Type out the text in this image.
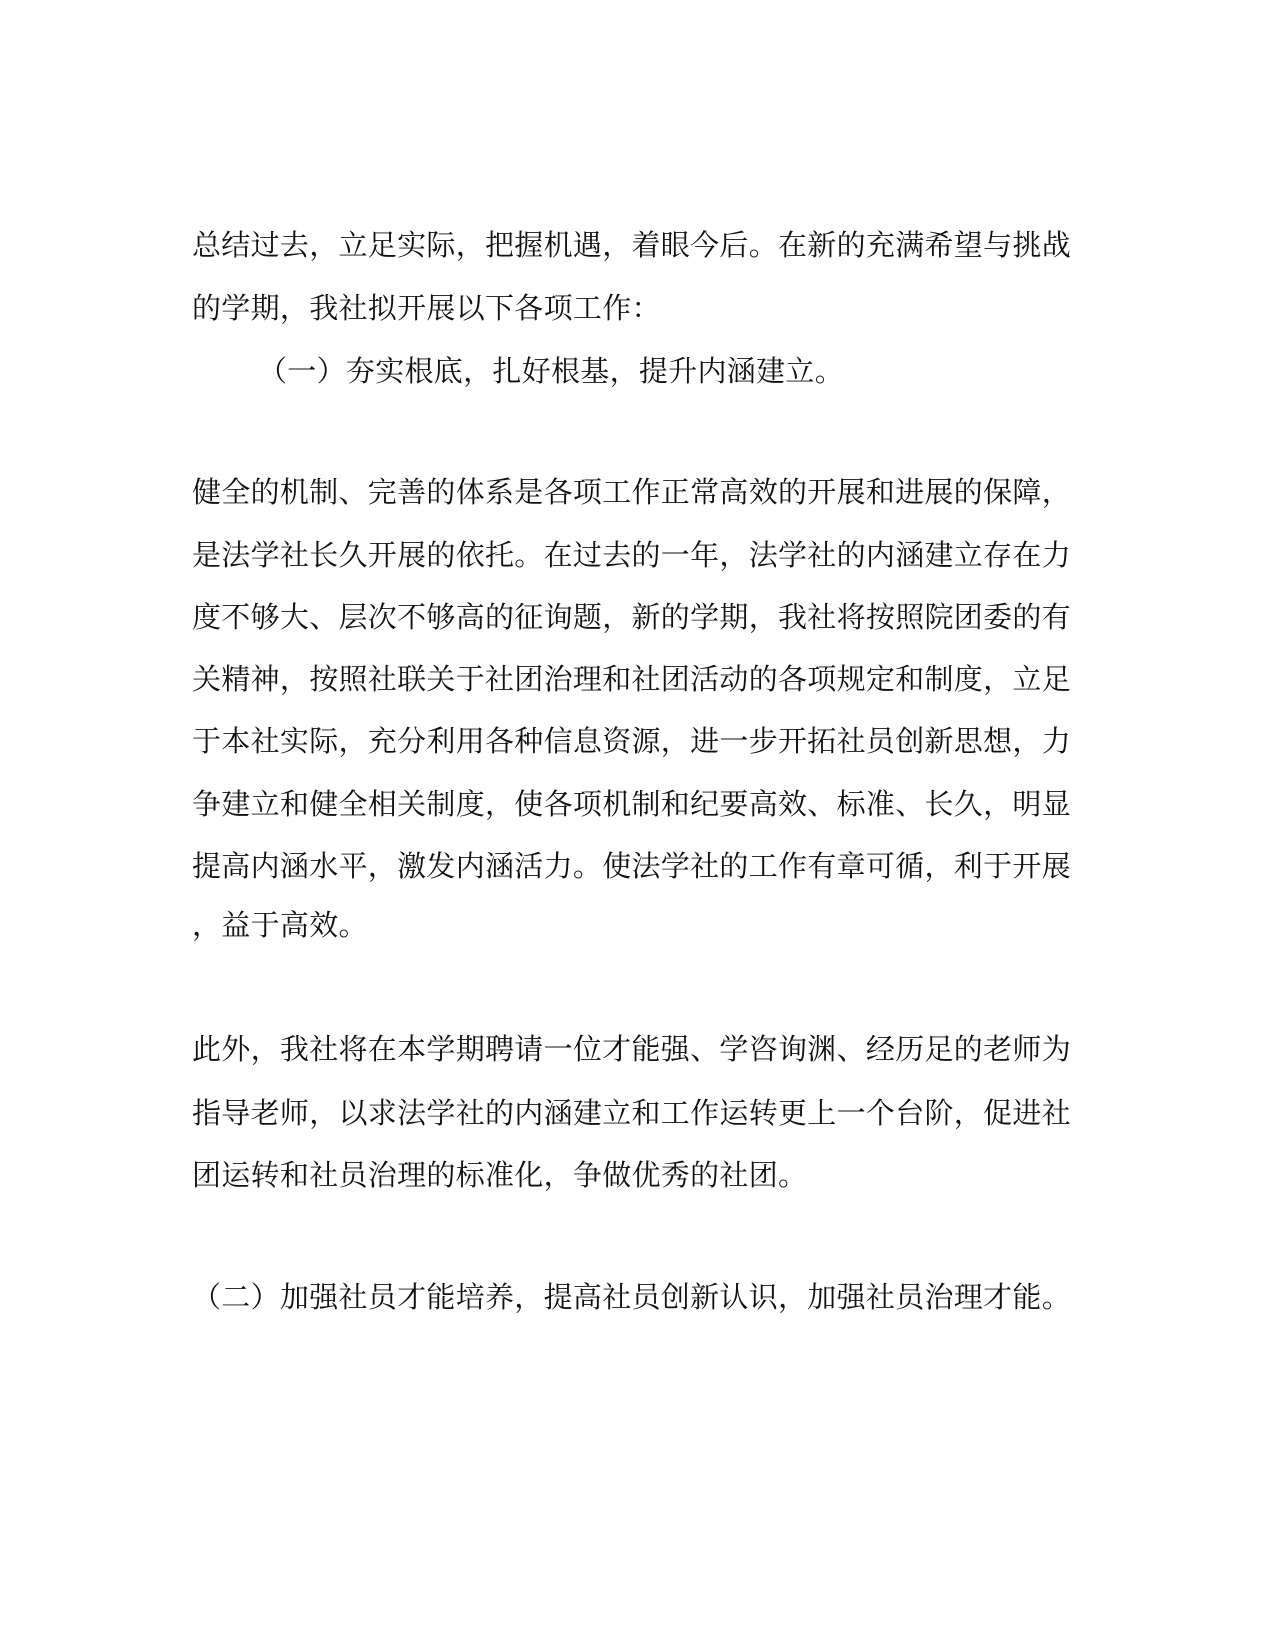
总结过去，立足实际，把握机遇，着眼今后。在新的充满希望与挑战
的学期，我社拟开展以下各项工作：
（一）夯实根底，扎好根基，提升内涵建立。
健全的机制、完善的体系是各项工作正常高效的开展和进展的保障，
是法学社长久开展的依托。在过去的一年，法学社的内涵建立存在力
度不够大、层次不够高的征询题，新的学期，我社将按照院团委的有
关精神，按照社联关于社团治理和社团活动的各项规定和制度，立足
于本社实际，充分利用各种信息资源，进一步开拓社员创新思想，力
争建立和健全相关制度，使各项机制和纪要高效、标准、长久，明显
提高内涵水平，激发内涵活力。使法学社的工作有章可循，利于开展
，益于高效。
此外，我社将在本学期聘请一位才能强、学咨询渊、经历足的老师为
指导老师，以求法学社的内涵建立和工作运转更上一个台阶，促进社
团运转和社员治理的标准化，争做优秀的社团。
（二）加强社员才能培养，提高社员创新认识，加强社员治理才能。
